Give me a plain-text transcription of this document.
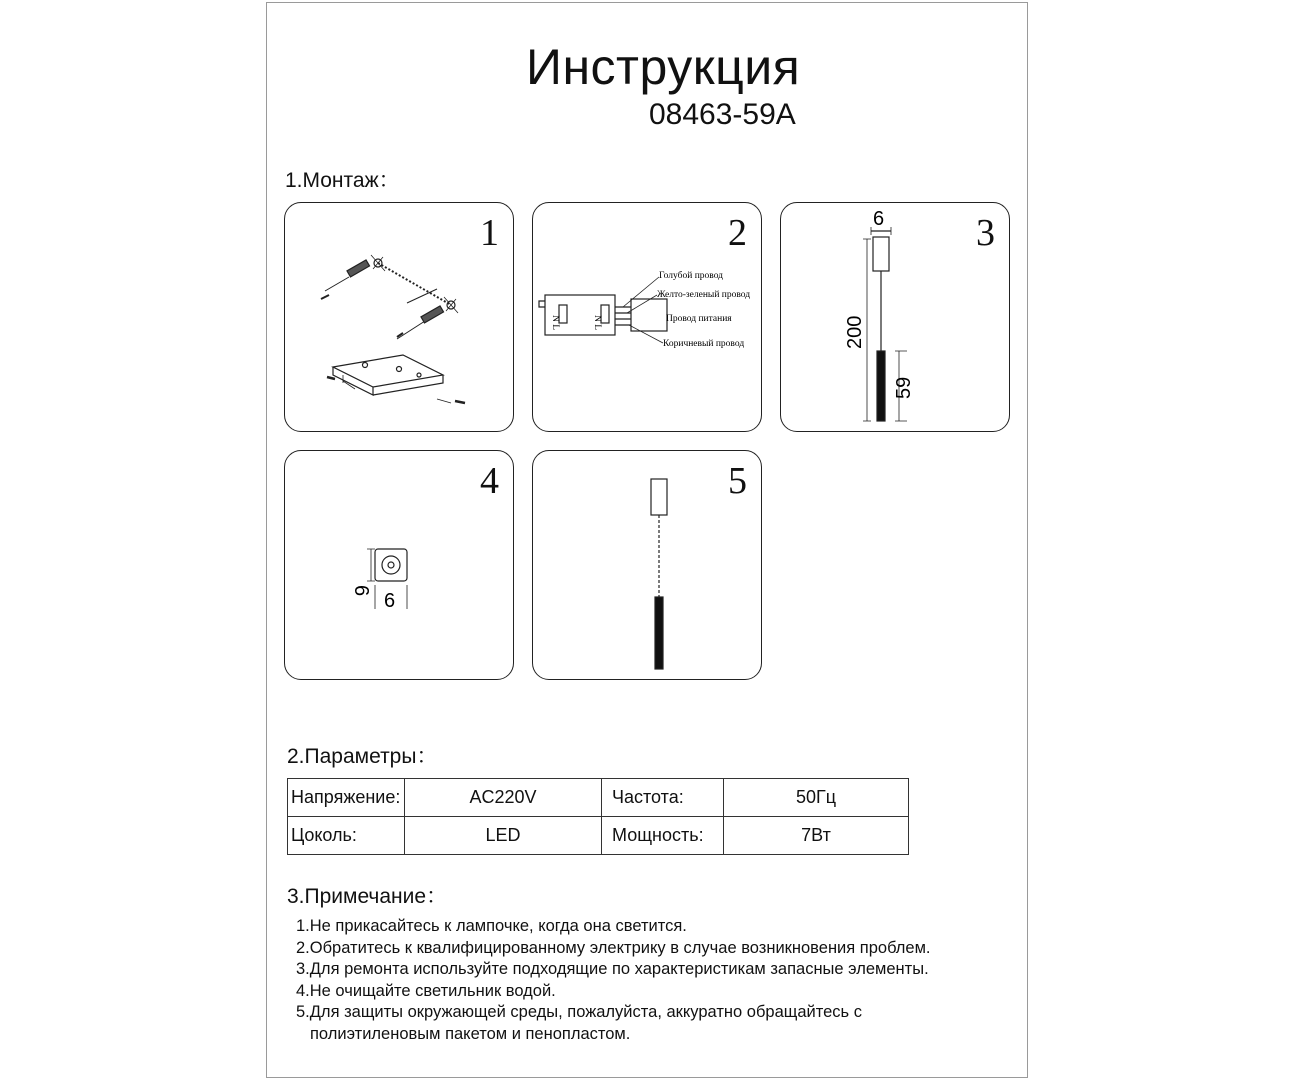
Инструкция
08463-59A
1.Монтаж：
1	2
Голубой провод
Желто-зеленый провод
Провод питания
Коричневый провод
N L	N L
3
6
200
59
4
6 6
5
2.Параметры：
Напряжение:	AC220V	Частота:	50Гц
Цоколь:	LED	Мощность:	7Вт
3.Примечание：
1.Не прикасайтесь к лампочке, когда она светится.
2.Обратитесь к квалифицированному электрику в случае возникновения проблем.
3.Для ремонта используйте подходящие по характеристикам запасные элементы.
4.Не очищайте светильник водой.
5.Для защиты окружающей среды, пожалуйста, аккуратно обращайтесь с
полиэтиленовым пакетом и пенопластом.
